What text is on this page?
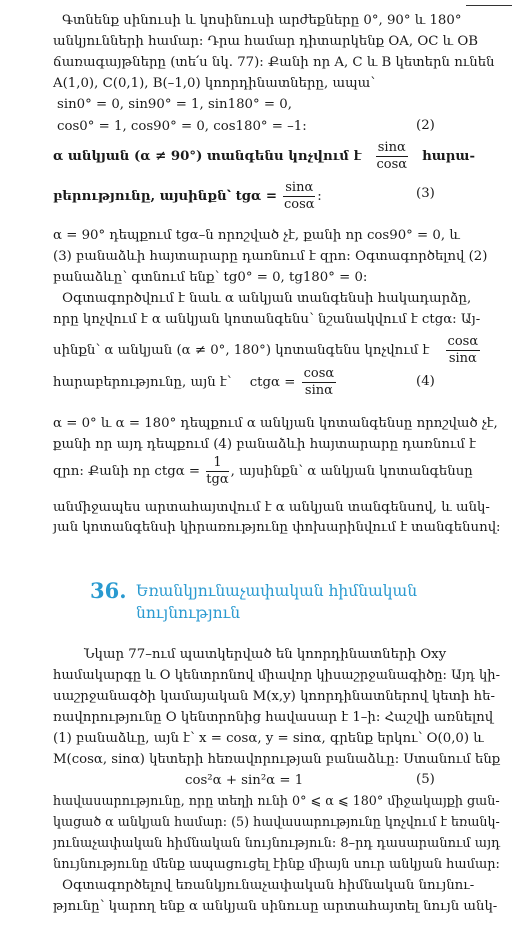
Գտնենք սինուսի և կոսինուսի արժեքները 0°, 90° և 180°
անկյունների համար: Դրա համար դիտարկենք OA, OC և OB
ճառագայթները (տե՛ս նկ. 77): Քանի որ A, C և B կետերն ունեն
A(1,0), C(0,1), B(–1,0) կոորդինատները, ապա՝
sin0° = 0, sin90° = 1, sin180° = 0,
cos0° = 1, cos90° = 0, cos180° = –1:	(2)
α անկյան (α ≠ 90°) տանգենս կոչվում է $\frac{\sin\alpha}{\cos\alpha}$ հարա-
բերությունը, այսինքն՝ $tg\alpha = \frac{\sin\alpha}{\cos\alpha}$ :	(3)
α = 90° դեպքում tgα–ն որոշված չէ, քանի որ cos90° = 0, և
(3) բանաձևի հայտարարը դառնում է զրո: Օգտագործելով (2)
բանաձևը՝ գտնում ենք՝ tg0° = 0, tg180° = 0:
Օգտագործվում է նաև α անկյան տանգենսի հակադարձը,
որը կոչվում է α անկյան կոտանգենս՝ նշանակվում է ctgα: Այ-
սինքն՝ α անկյան (α ≠ 0°, 180°) կոտանգենս կոչվում է $\frac{\cos\alpha}{\sin\alpha}$
հարաբերությունը, այն է՝ $ctg\alpha = \frac{\cos\alpha}{\sin\alpha}$	(4)
α = 0° և α = 180° դեպքում α անկյան կոտանգենսը որոշված չէ,
քանի որ այդ դեպքում (4) բանաձևի հայտարարը դառնում է
զրո: Քանի որ $ctg\alpha = \frac{1}{\text{tgα}}$ , այսինքն՝ α անկյան կոտանգենսը
անմիջապես արտահայտվում է α անկյան տանգենսով, և անկ-
յան կոտանգենսի կիրառությունը փոխարինվում է տանգենսով:
36. Եռանկյունաչափական հիմնական
նույնություն
Նկար 77–ում պատկերված են կոորդինատների Oxy
համակարգը և O կենտրոնով միավոր կիսաշրջանագիծը: Այդ կի-
սաշրջանագծի կամայական M(x,y) կոորդինատներով կետի հե-
ռավորությունը O կենտրոնից հավասար է 1–ի: Հաշվի առնելով
(1) բանաձևը, այն է՝ x = cosα, y = sinα, գրենք երկու՝ O(0,0) և
M(cosα, sinα) կետերի հեռավորության բանաձևը: Ստանում ենք
cos²α + sin²α = 1	(5)
հավասարությունը, որը տեղի ունի 0° ⩽ α ⩽ 180° միջակայքի ցան-
կացած α անկյան համար: (5) հավասարությունը կոչվում է եռանկ-
յունաչափական հիմնական նույնություն: 8–րդ դասարանում այդ
նույնությունը մենք ապացուցել էինք միայն սուր անկյան համար:
Օգտագործելով եռանկյունաչափական հիմնական նույնու-
թյունը՝ կարող ենք α անկյան սինուսը արտահայտել նույն անկ-
